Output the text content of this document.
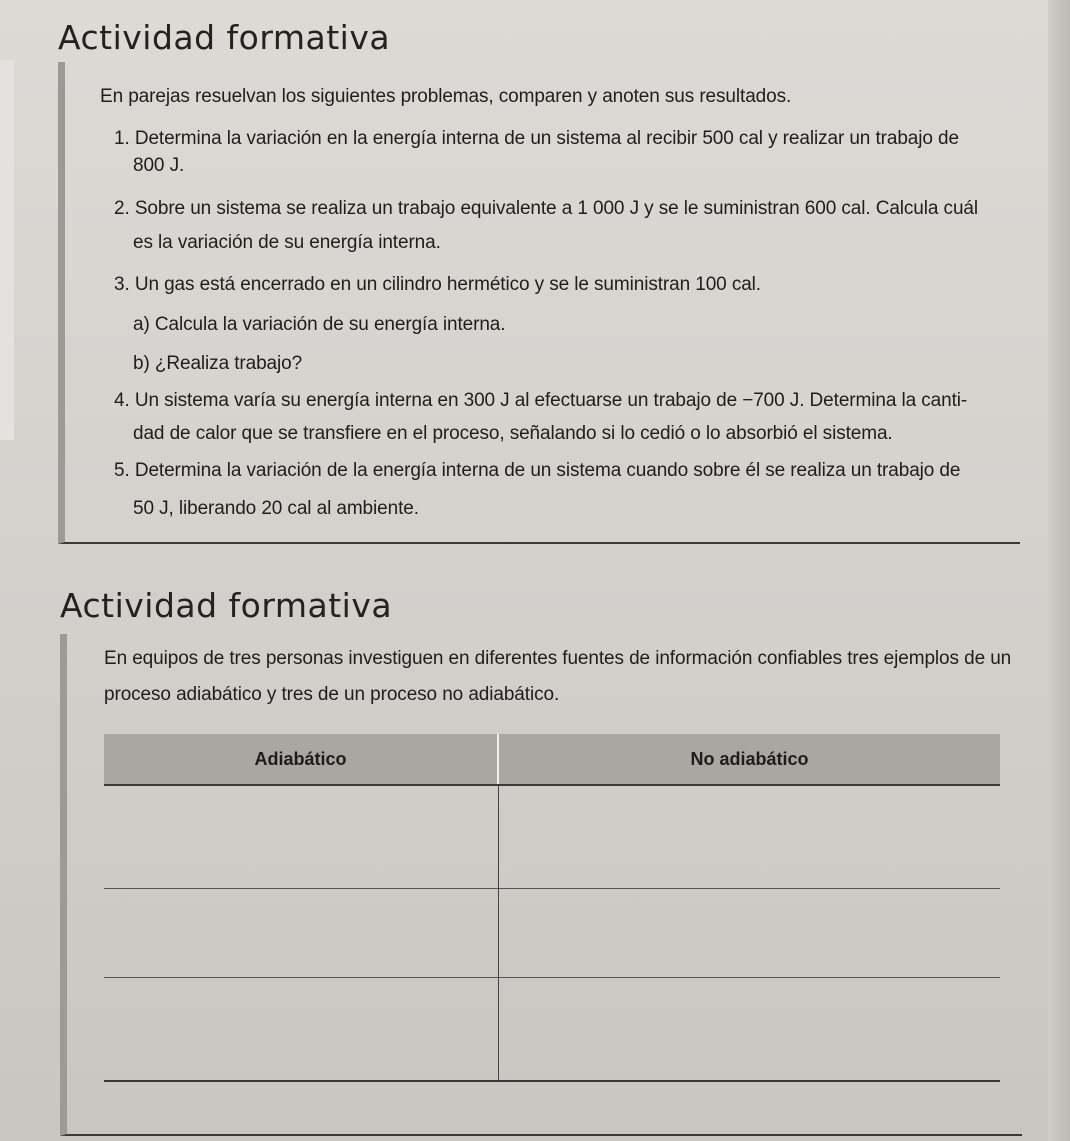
Actividad formativa
En parejas resuelvan los siguientes problemas, comparen y anoten sus resultados.
1. Determina la variación en la energía interna de un sistema al recibir 500 cal y realizar un trabajo de
800 J.
2. Sobre un sistema se realiza un trabajo equivalente a 1 000 J y se le suministran 600 cal. Calcula cuál
es la variación de su energía interna.
3. Un gas está encerrado en un cilindro hermético y se le suministran 100 cal.
a) Calcula la variación de su energía interna.
b) ¿Realiza trabajo?
4. Un sistema varía su energía interna en 300 J al efectuarse un trabajo de −700 J. Determina la canti-
dad de calor que se transfiere en el proceso, señalando si lo cedió o lo absorbió el sistema.
5. Determina la variación de la energía interna de un sistema cuando sobre él se realiza un trabajo de
50 J, liberando 20 cal al ambiente.
Actividad formativa
En equipos de tres personas investiguen en diferentes fuentes de información confiables tres ejemplos de un
proceso adiabático y tres de un proceso no adiabático.
Adiabático	No adiabático
